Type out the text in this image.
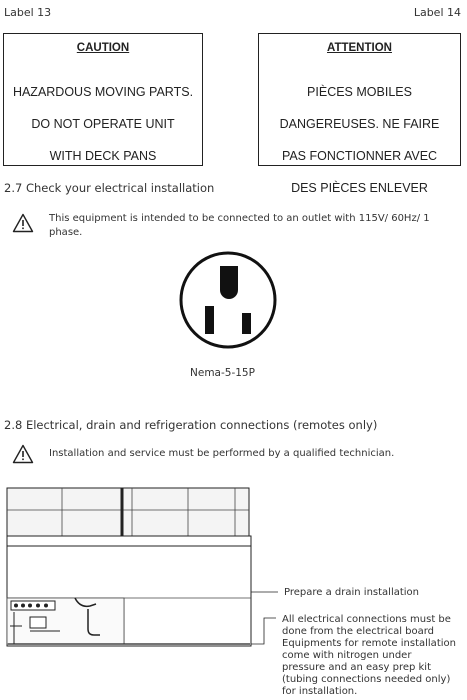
Label 13	Label 14
CAUTION

HAZARDOUS MOVING PARTS.

DO NOT OPERATE UNIT

WITH DECK PANS

ATTENTION

PIÈCES MOBILES

DANGEREUSES. NE FAIRE

PAS FONCTIONNER AVEC

DES PIÈCES ENLEVER

2.7 Check your electrical installation
This equipment is intended to be connected to an outlet with 115V/ 60Hz/ 1
phase.
Nema-5-15P
2.8 Electrical, drain and refrigeration connections (remotes only)
Installation and service must be performed by a qualified technician.
Prepare a drain installation
All electrical connections must be
done from the electrical board
Equipments for remote installation
come with nitrogen under
pressure and an easy prep kit
(tubing connections needed only)
for installation.
